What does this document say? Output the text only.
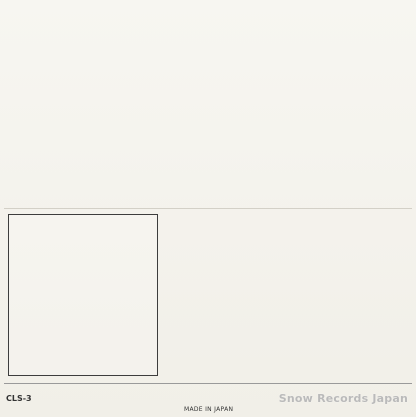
CLS-3
MADE IN JAPAN
Snow Records Japan
